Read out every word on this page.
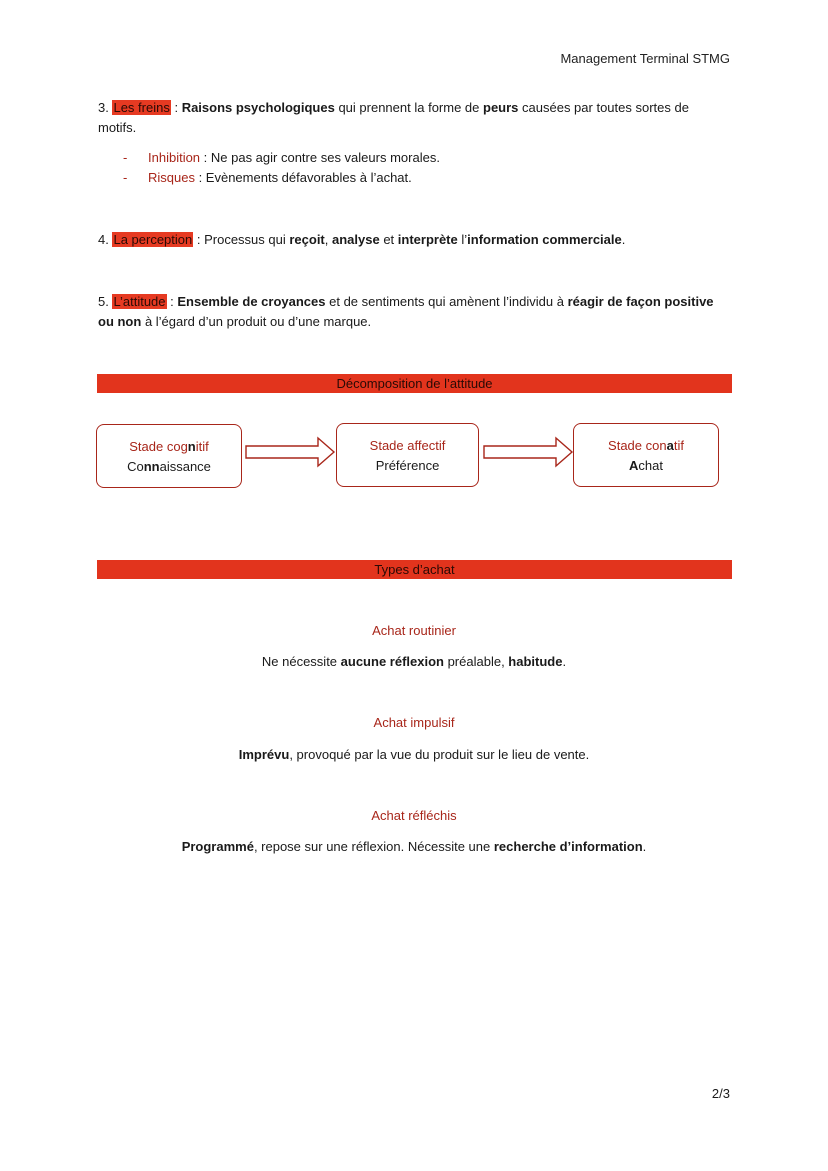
Management Terminal STMG
3. Les freins : Raisons psychologiques qui prennent la forme de peurs causées par toutes sortes de motifs.
- Inhibition : Ne pas agir contre ses valeurs morales.
- Risques : Evènements défavorables à l’achat.
4. La perception : Processus qui reçoit, analyse et interprète l’information commerciale.
5. L’attitude : Ensemble de croyances et de sentiments qui amènent l’individu à réagir de façon positive ou non à l’égard d’un produit ou d’une marque.
Décomposition de l’attitude
Stade cognitif
Connaissance
Stade affectif
Préférence
Stade conatif
Achat
Types d’achat
Achat routinier
Ne nécessite aucune réflexion préalable, habitude.
Achat impulsif
Imprévu, provoqué par la vue du produit sur le lieu de vente.
Achat réfléchis
Programmé, repose sur une réflexion. Nécessite une recherche d’information.
2/3
